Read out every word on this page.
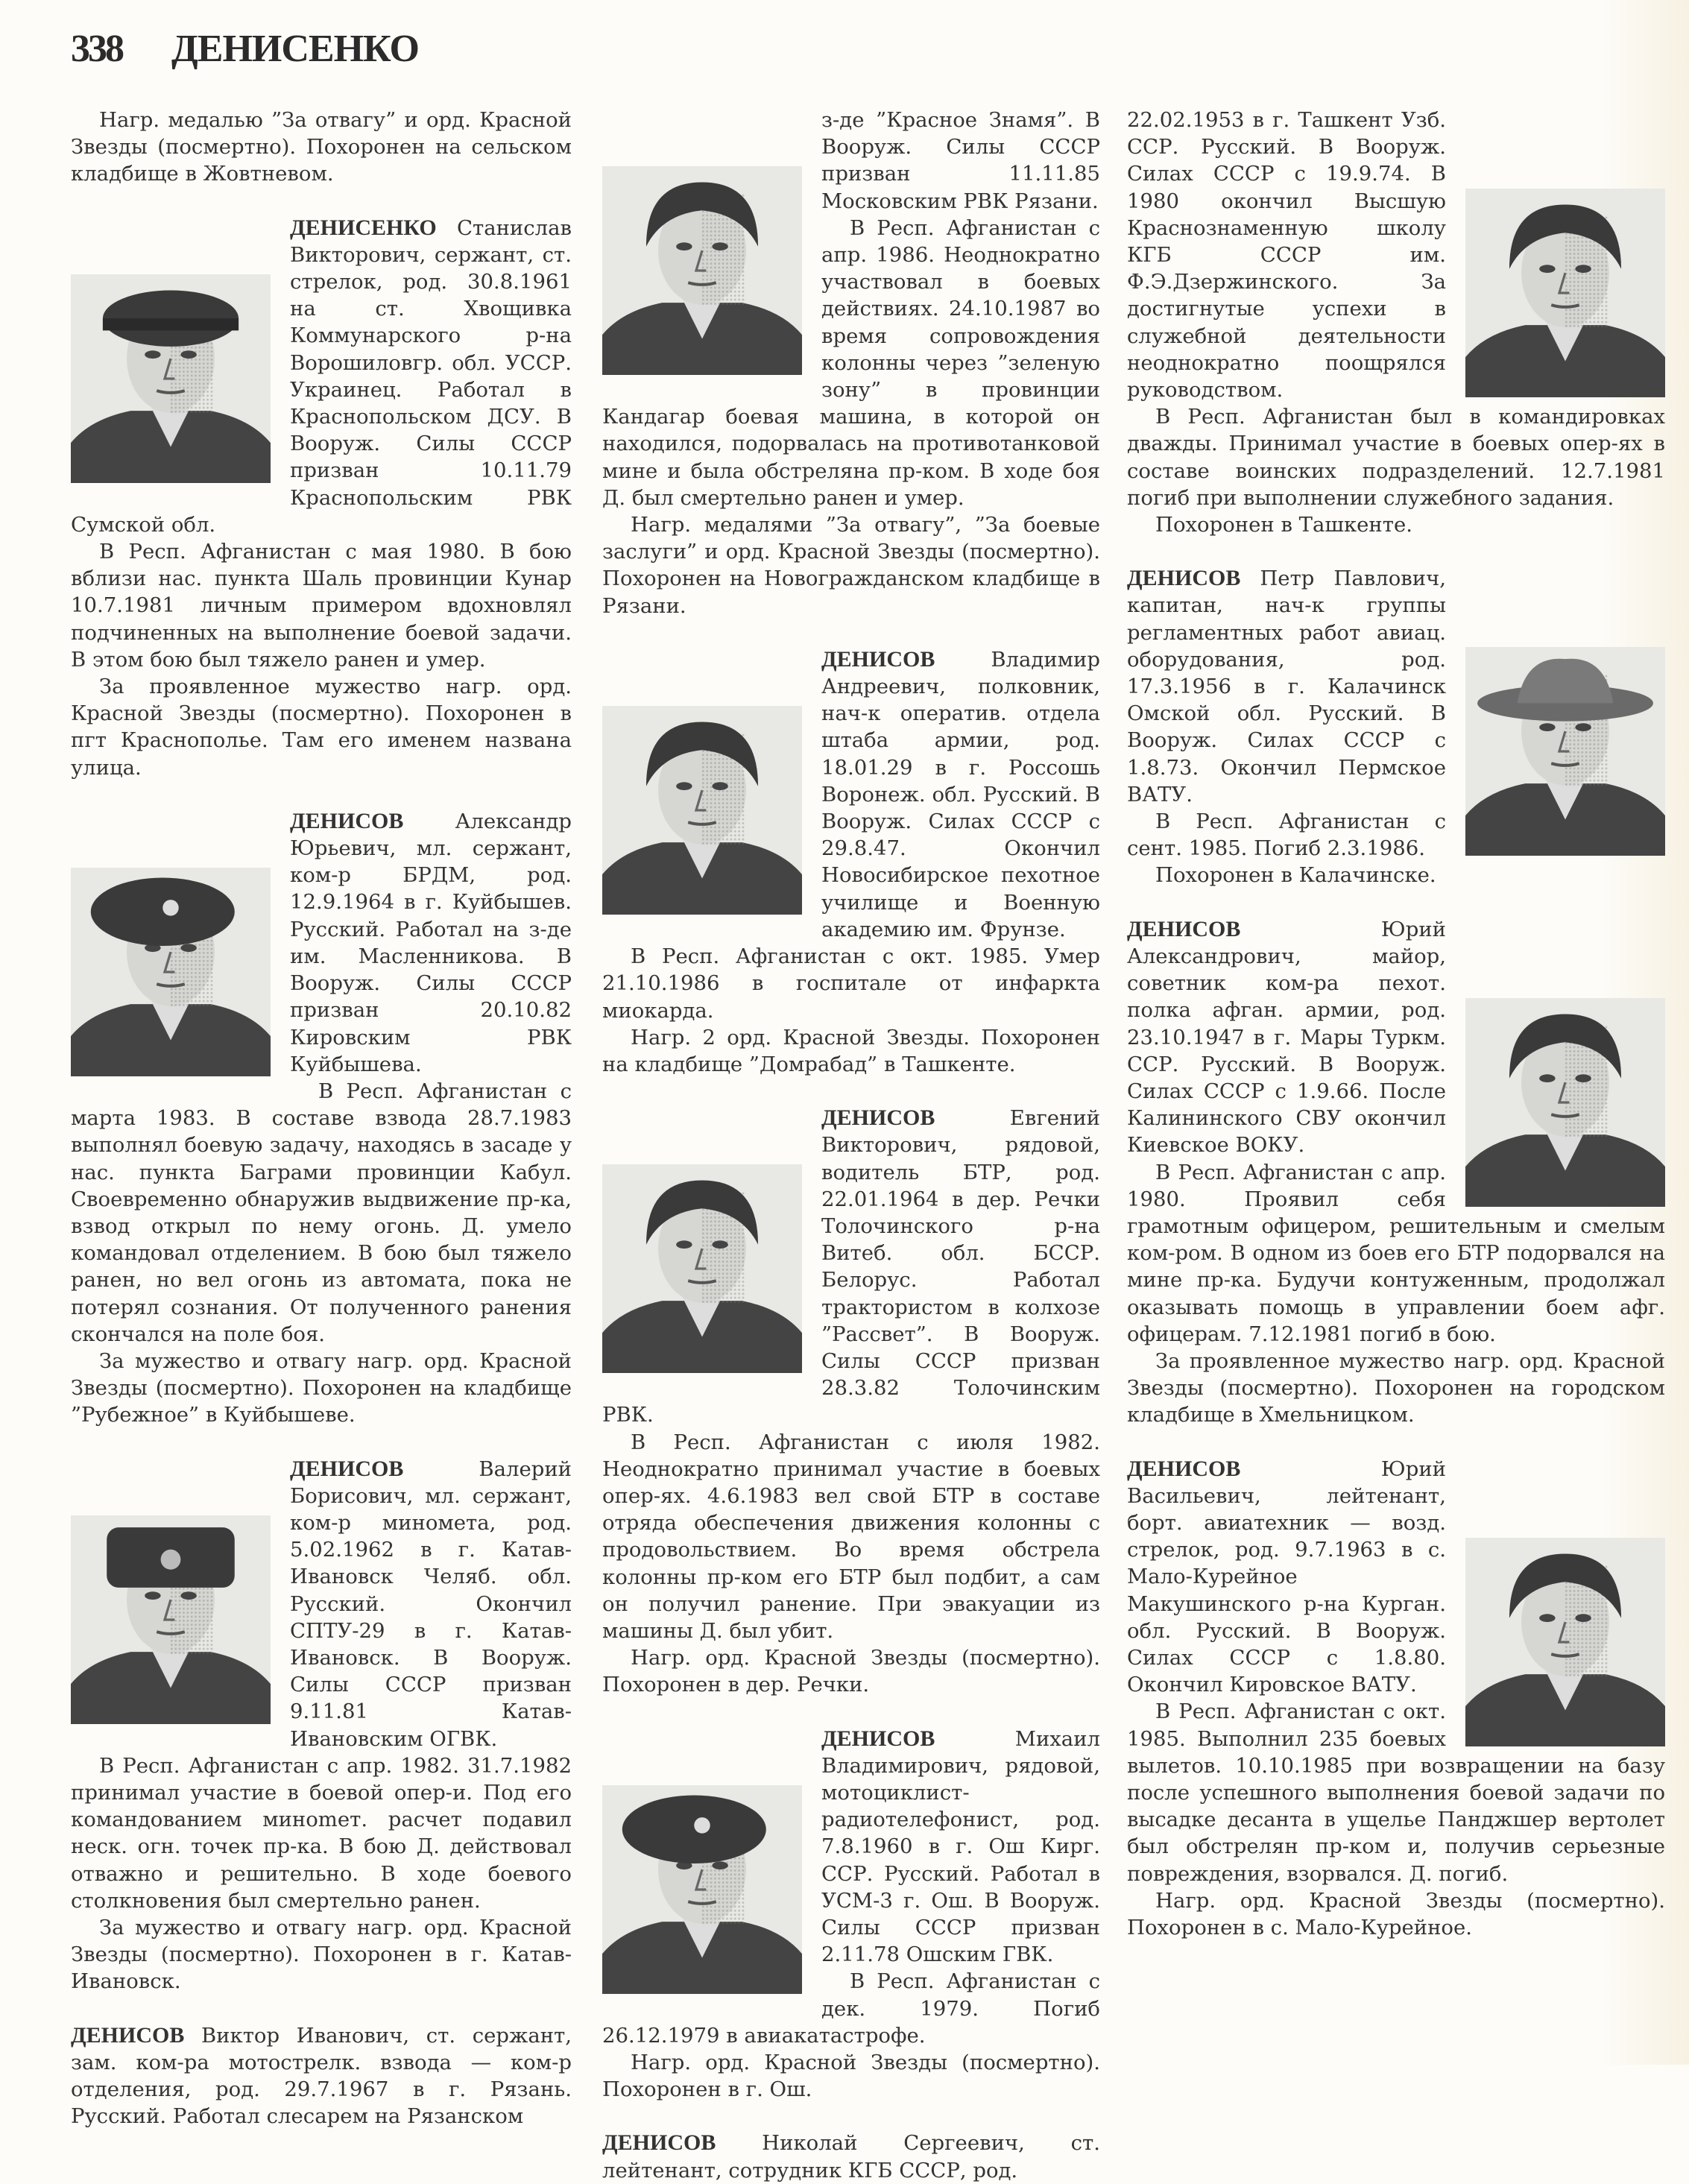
338 ДЕНИСЕНКО

Нагр. медалью ”За отвагу” и орд. Красной Звезды (посмертно). Похоронен на сельском кладбище в Жовтневом.

ДЕНИСЕНКО Станислав Викторович, сержант, ст. стрелок, род. 30.8.1961 на ст. Хвощивка Коммунарского р-на Ворошиловгр. обл. УССР. Украинец. Работал в Краснопольском ДСУ. В Вооруж. Силы СССР призван 10.11.79 Краснопольским РВК Сумской обл.

В Респ. Афганистан с мая 1980. В бою вблизи нас. пункта Шаль провинции Кунар 10.7.1981 личным примером вдохновлял подчиненных на выполнение боевой задачи. В этом бою был тяжело ранен и умер.

За проявленное мужество нагр. орд. Красной Звезды (посмертно). Похоронен в пгт Краснополье. Там его именем названа улица.

ДЕНИСОВ	Александр Юрьевич, мл. сержант, ком-р БРДМ, род. 12.9.1964 в г. Куйбышев. Русский. Работал на з-де им. Масленникова. В Вооруж. Силы СССР призван 20.10.82 Кировским РВК Куйбышева.

В Респ. Афганистан с марта 1983. В составе взвода 28.7.1983 выполнял боевую задачу, находясь в засаде у нас. пункта Баграми провинции Кабул. Своевременно обнаружив выдвижение пр-ка, взвод открыл по нему огонь. Д. умело командовал отделением. В бою был тяжело ранен, но вел огонь из автомата, пока не потерял сознания. От полученного ранения скончался на поле боя.

За мужество и отвагу нагр. орд. Красной Звезды (посмертно). Похоронен на кладбище ”Рубежное” в Куйбышеве.

ДЕНИСОВ	Валерий Борисович, мл. сержант, ком-р миномета, род. 5.02.1962 в г. Катав-Ивановск Челяб. обл. Русский. Окончил СПТУ-29 в г. Катав-Ивановск. В Вооруж. Силы СССР призван 9.11.81 Катав-Ивановским ОГВК.

В Респ. Афганистан с апр. 1982. 31.7.1982 принимал участие в боевой опер-и. Под его командованием минomет. расчет подавил неск. огн. точек пр-ка. В бою Д. действовал отважно и решительно. В ходе боевого столкновения был смертельно ранен.

За мужество и отвагу нагр. орд. Красной Звезды (посмертно). Похоронен в г. Катав-Ивановск.

ДЕНИСОВ Виктор Иванович, ст. сержант, зам. ком-ра мотострелк. взвода — ком-р отделения, род. 29.7.1967 в г. Рязань. Русский. Работал слесарем на Рязанском

з-де ”Красное Знамя”. В Вооруж. Силы СССР призван 11.11.85 Московским РВК Рязани.

В Респ. Афганистан с апр. 1986. Неоднократно участвовал в боевых действиях. 24.10.1987 во время сопровождения колонны через ”зеленую зону” в провинции Кандагар боевая машина, в которой он находился, подорвалась на противотанковой мине и была обстреляна пр-ком. В ходе боя Д. был смертельно ранен и умер.

Нагр. медалями ”За отвагу”, ”За боевые заслуги” и орд. Красной Звезды (посмертно). Похоронен на Новогражданском кладбище в Рязани.

ДЕНИСОВ	Владимир Андреевич, полковник, нач-к оператив. отдела штаба армии, род. 18.01.29 в г. Россошь Воронеж. обл. Русский. В Вооруж. Силах СССР с 29.8.47. Окончил Новосибирское пехотное училище и Военную академию им. Фрунзе.

В Респ. Афганистан с окт. 1985. Умер 21.10.1986 в госпитале от инфаркта миокарда.

Нагр. 2 орд. Красной Звезды. Похоронен на кладбище ”Домрабад” в Ташкенте.

ДЕНИСОВ	Евгений Викторович, рядовой, водитель БТР, род. 22.01.1964 в дер. Речки Толочинского р-на Витеб. обл. БССР. Белорус. Работал трактористом в колхозе ”Рассвет”. В Вооруж. Силы СССР призван 28.3.82 Толочинским РВК.

В Респ. Афганистан с июля 1982. Неоднократно принимал участие в боевых опер-ях. 4.6.1983 вел свой БТР в составе отряда обеспечения движения колонны с продовольствием. Во время обстрела колонны пр-ком его БТР был подбит, а сам он получил ранение. При эвакуации из машины Д. был убит.

Нагр. орд. Красной Звезды (посмертно). Похоронен в дер. Речки.

ДЕНИСОВ	Михаил Владимирович, рядовой, мотоциклист-радиотелефонист, род. 7.8.1960 в г. Ош Кирг. ССР. Русский. Работал в УСМ-3 г. Ош. В Вооруж. Силы СССР призван 2.11.78 Ошским ГВК.

В Респ. Афганистан с дек. 1979. Погиб 26.12.1979 в авиакатастрофе.

Нагр. орд. Красной Звезды (посмертно). Похоронен в г. Ош.

ДЕНИСОВ Николай Сергеевич, ст. лейтенант, сотрудник КГБ СССР, род.

22.02.1953 в г. Ташкент Узб. ССР. Русский. В Вооруж. Силах СССР с 19.9.74. В 1980 окончил Высшую Краснознаменную школу КГБ СССР им. Ф.Э.Дзержинского. За достигнутые успехи в служебной деятельности неоднократно поощрялся руководством.

В Респ. Афганистан был в командировках дважды. Принимал участие в боевых опер-ях в составе воинских подразделений. 12.7.1981 погиб при выполнении служебного задания.

Похоронен в Ташкенте.

ДЕНИСОВ Петр Павлович, капитан, нач-к группы регламентных работ авиац. оборудования, род. 17.3.1956 в г. Калачинск Омской обл. Русский. В Вооруж. Силах СССР с 1.8.73. Окончил Пермское ВАТУ.

В Респ. Афганистан с сент. 1985. Погиб 2.3.1986.

Похоронен в Калачинске.

ДЕНИСОВ	Юрий Александрович, майор, советник ком-ра пехот. полка афган. армии, род. 23.10.1947 в г. Мары Туркм. ССР. Русский. В Вооруж. Силах СССР с 1.9.66. После Калининского СВУ окончил Киевское ВОКУ.

В Респ. Афганистан с апр. 1980. Проявил себя грамотным офицером, решительным и смелым ком-ром. В одном из боев его БТР подорвался на мине пр-ка. Будучи контуженным, продолжал оказывать помощь в управлении боем афг. офицерам. 7.12.1981 погиб в бою.

За проявленное мужество нагр. орд. Красной Звезды (посмертно). Похоронен на городском кладбище в Хмельницком.

ДЕНИСОВ	Юрий Васильевич, лейтенант, борт. авиатехник — возд. стрелок, род. 9.7.1963 в с. Мало-Курейное Макушинского р-на Курган. обл. Русский. В Вооруж. Силах СССР с 1.8.80. Окончил Кировское ВАТУ.

В Респ. Афганистан с окт. 1985. Выполнил 235 боевых вылетов. 10.10.1985 при возвращении на базу после успешного выполнения боевой задачи по высадке десанта в ущелье Панджшер вертолет был обстрелян пр-ком и, получив серьезные повреждения, взорвался. Д. погиб.

Нагр. орд. Красной Звезды (посмертно). Похоронен в с. Мало-Курейное.
